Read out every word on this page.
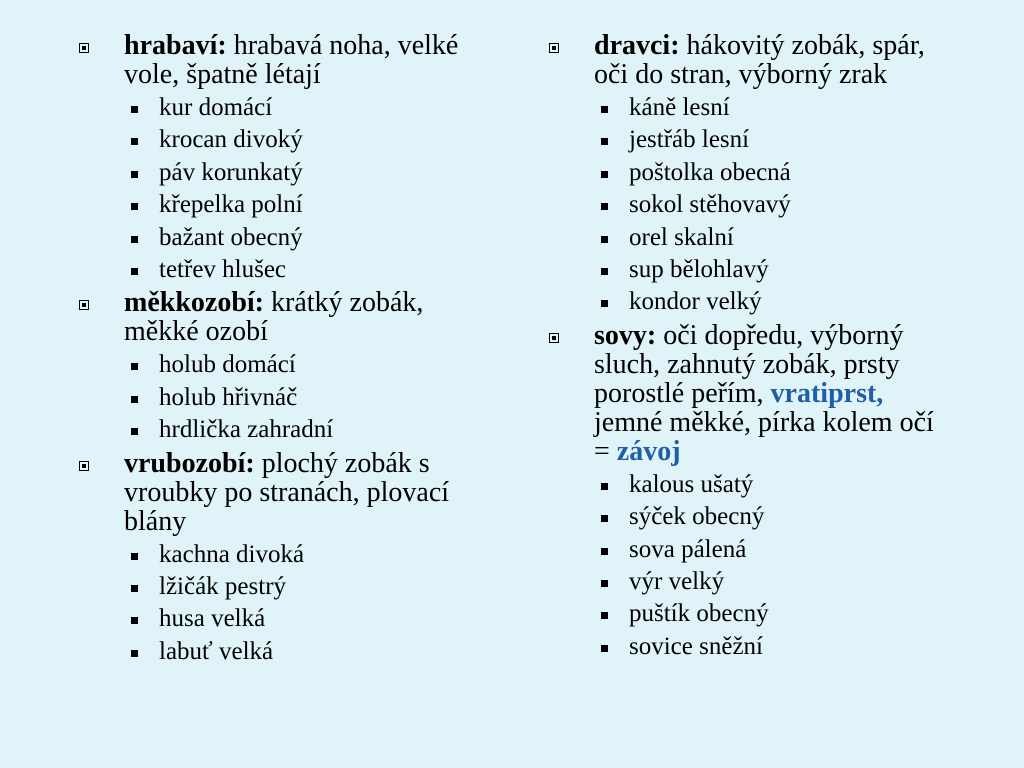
hrabaví: hrabavá noha, velké vole, špatně létají
kur domácí
krocan divoký
páv korunkatý
křepelka polní
bažant obecný
tetřev hlušec
měkkozobí: krátký zobák, měkké ozobí
holub domácí
holub hřivnáč
hrdlička zahradní
vrubozobí: plochý zobák s vroubky po stranách, plovací blány
kachna divoká
lžičák pestrý
husa velká
labuť velká
dravci: hákovitý zobák, spár, oči do stran, výborný zrak
káně lesní
jestřáb lesní
poštolka obecná
sokol stěhovavý
orel skalní
sup bělohlavý
kondor velký
sovy: oči dopředu, výborný sluch, zahnutý zobák, prsty porostlé peřím, vratiprst, jemné měkké, pírka kolem očí = závoj
kalous ušatý
sýček obecný
sova pálená
výr velký
puštík obecný
sovice sněžní
